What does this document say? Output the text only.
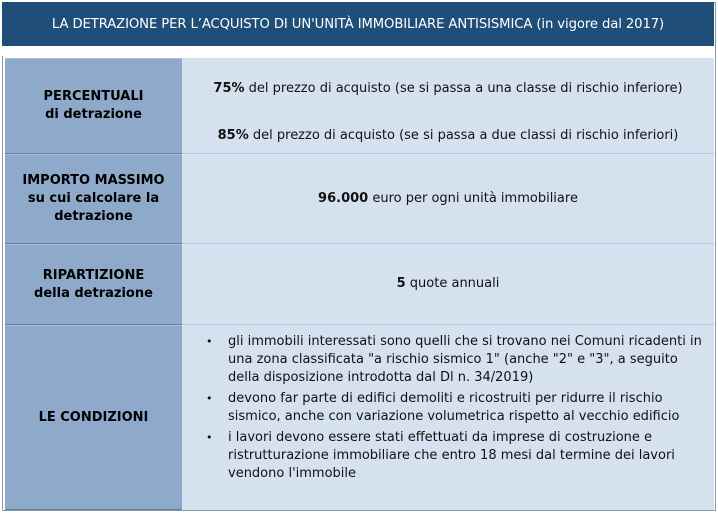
LA DETRAZIONE PER L’ACQUISTO DI UN'UNITÀ IMMOBILIARE ANTISISMICA (in vigore dal 2017)
PERCENTUALI
di detrazione
75% del prezzo di acquisto (se si passa a una classe di rischio inferiore)
85% del prezzo di acquisto (se si passa a due classi di rischio inferiori)
IMPORTO MASSIMO
su cui calcolare la
detrazione
96.000 euro per ogni unità immobiliare
RIPARTIZIONE
della detrazione
5 quote annuali
LE CONDIZIONI
• gli immobili interessati sono quelli che si trovano nei Comuni ricadenti in una zona classificata "a rischio sismico 1" (anche "2" e "3", a seguito della disposizione introdotta dal Dl n. 34/2019)
• devono far parte di edifici demoliti e ricostruiti per ridurre il rischio sismico, anche con variazione volumetrica rispetto al vecchio edificio
• i lavori devono essere stati effettuati da imprese di costruzione e ristrutturazione immobiliare che entro 18 mesi dal termine dei lavori vendono l'immobile
